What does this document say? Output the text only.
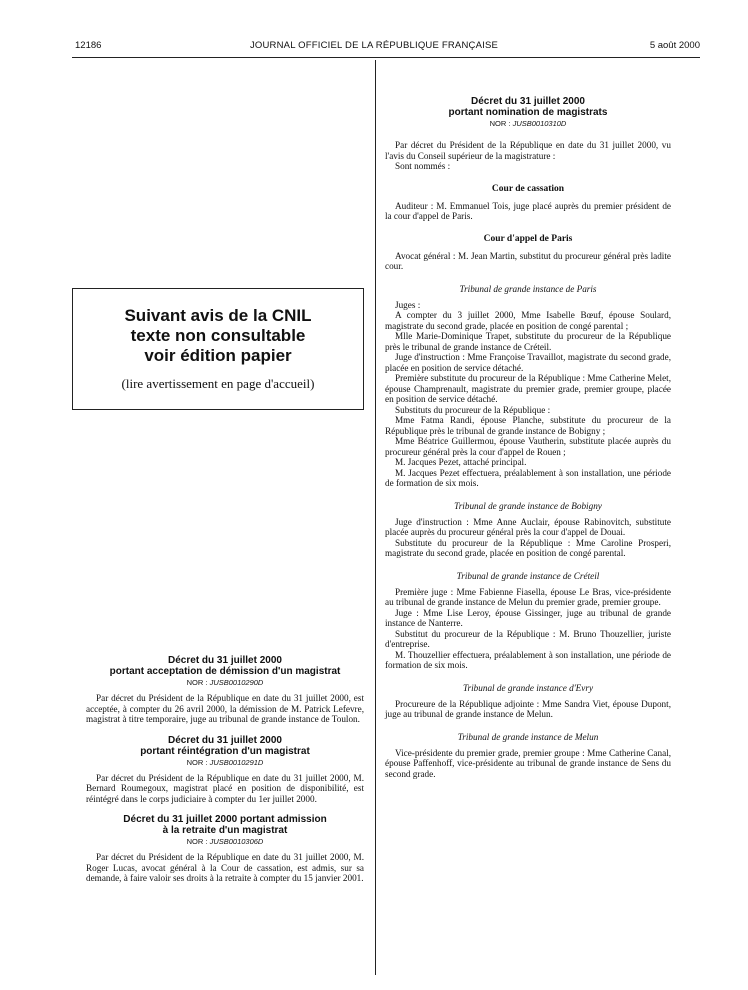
12186	JOURNAL OFFICIEL DE LA RÉPUBLIQUE FRANÇAISE	5 août 2000
Suivant avis de la CNIL
texte non consultable
voir édition papier
(lire avertissement en page d'accueil)
Décret du 31 juillet 2000
portant acceptation de démission d'un magistrat
NOR : JUSB0010290D

Par décret du Président de la République en date du 31 juillet 2000, est acceptée, à compter du 26 avril 2000, la démission de M. Patrick Lefevre, magistrat à titre temporaire, juge au tribunal de grande instance de Toulon.

Décret du 31 juillet 2000
portant réintégration d'un magistrat
NOR : JUSB0010291D

Par décret du Président de la République en date du 31 juillet 2000, M. Bernard Roumegoux, magistrat placé en position de disponibilité, est réintégré dans le corps judiciaire à compter du 1er juillet 2000.

Décret du 31 juillet 2000 portant admission
à la retraite d'un magistrat
NOR : JUSB0010306D

Par décret du Président de la République en date du 31 juillet 2000, M. Roger Lucas, avocat général à la Cour de cassation, est admis, sur sa demande, à faire valoir ses droits à la retraite à compter du 15 janvier 2001.

Décret du 31 juillet 2000
portant nomination de magistrats
NOR : JUSB0010310D

Par décret du Président de la République en date du 31 juillet 2000, vu l'avis du Conseil supérieur de la magistrature :

Sont nommés :

Cour de cassation

Auditeur : M. Emmanuel Tois, juge placé auprès du premier président de la cour d'appel de Paris.

Cour d'appel de Paris

Avocat général : M. Jean Martin, substitut du procureur général près ladite cour.

Tribunal de grande instance de Paris

Juges :

A compter du 3 juillet 2000, Mme Isabelle Bœuf, épouse Soulard, magistrate du second grade, placée en position de congé parental ;

Mlle Marie-Dominique Trapet, substitute du procureur de la République près le tribunal de grande instance de Créteil.

Juge d'instruction : Mme Françoise Travaillot, magistrate du second grade, placée en position de service détaché.

Première substitute du procureur de la République : Mme Catherine Melet, épouse Champrenault, magistrate du premier grade, premier groupe, placée en position de service détaché.

Substituts du procureur de la République :

Mme Fatma Randi, épouse Planche, substitute du procureur de la République près le tribunal de grande instance de Bobigny ;

Mme Béatrice Guillermou, épouse Vautherin, substitute placée auprès du procureur général près la cour d'appel de Rouen ;

M. Jacques Pezet, attaché principal.

M. Jacques Pezet effectuera, préalablement à son installation, une période de formation de six mois.

Tribunal de grande instance de Bobigny

Juge d'instruction : Mme Anne Auclair, épouse Rabinovitch, substitute placée auprès du procureur général près la cour d'appel de Douai.

Substitute du procureur de la République : Mme Caroline Prosperi, magistrate du second grade, placée en position de congé parental.

Tribunal de grande instance de Créteil

Première juge : Mme Fabienne Fiasella, épouse Le Bras, vice-présidente au tribunal de grande instance de Melun du premier grade, premier groupe.

Juge : Mme Lise Leroy, épouse Gissinger, juge au tribunal de grande instance de Nanterre.

Substitut du procureur de la République : M. Bruno Thouzellier, juriste d'entreprise.

M. Thouzellier effectuera, préalablement à son installation, une période de formation de six mois.

Tribunal de grande instance d'Evry

Procureure de la République adjointe : Mme Sandra Viet, épouse Dupont, juge au tribunal de grande instance de Melun.

Tribunal de grande instance de Melun

Vice-présidente du premier grade, premier groupe : Mme Catherine Canal, épouse Paffenhoff, vice-présidente au tribunal de grande instance de Sens du second grade.
